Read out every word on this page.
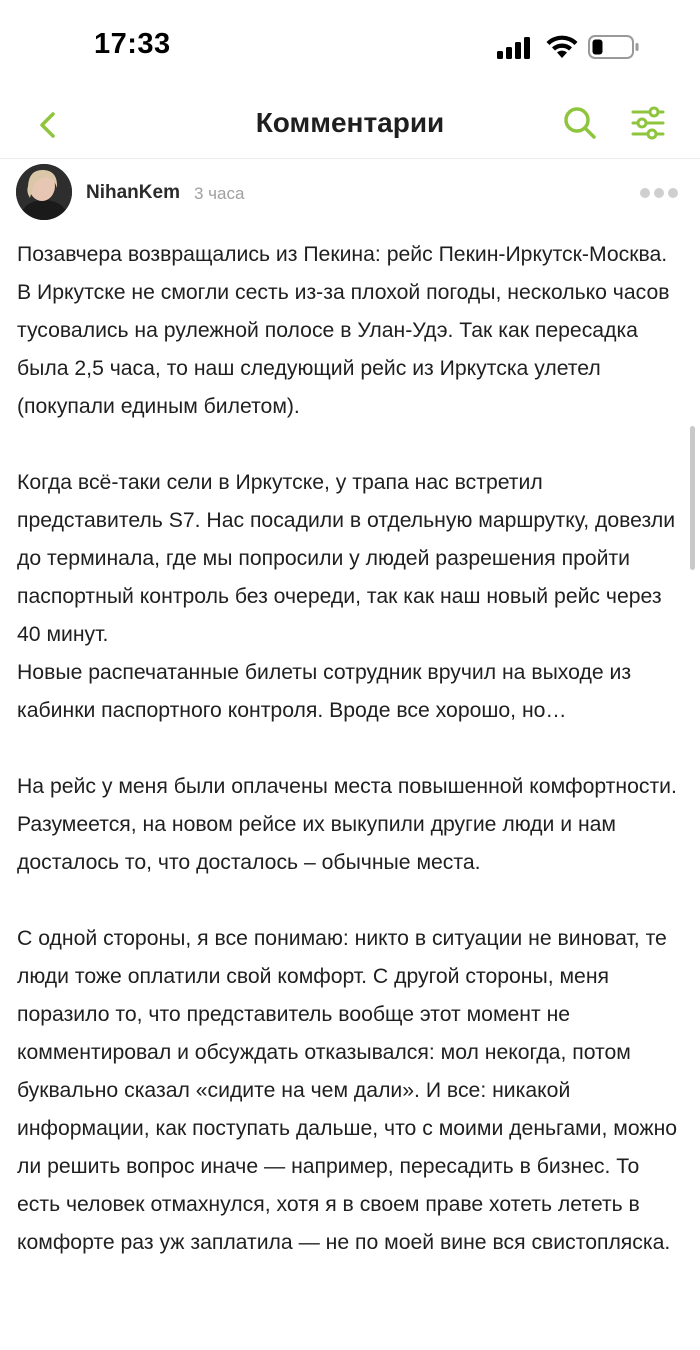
17:33
Комментарии
NihanKem 3 часа

Позавчера возвращались из Пекина: рейс Пекин-Иркутск-Москва. В Иркутске не смогли сесть из-за плохой погоды, несколько часов тусовались на рулежной полосе в Улан-Удэ. Так как пересадка была 2,5 часа, то наш следующий рейс из Иркутска улетел (покупали единым билетом).

Когда всё-таки сели в Иркутске, у трапа нас встретил представитель S7. Нас посадили в отдельную маршрутку, довезли до терминала, где мы попросили у людей разрешения пройти паспортный контроль без очереди, так как наш новый рейс через 40 минут.

Новые распечатанные билеты сотрудник вручил на выходе из кабинки паспортного контроля. Вроде все хорошо, но…

На рейс у меня были оплачены места повышенной комфортности. Разумеется, на новом рейсе их выкупили другие люди и нам досталось то, что досталось – обычные места.

С одной стороны, я все понимаю: никто в ситуации не виноват, те люди тоже оплатили свой комфорт. С другой стороны, меня поразило то, что представитель вообще этот момент не комментировал и обсуждать отказывался: мол некогда, потом буквально сказал «сидите на чем дали». И все: никакой информации, как поступать дальше, что с моими деньгами, можно ли решить вопрос иначе — например, пересадить в бизнес. То есть человек отмахнулся, хотя я в своем праве хотеть лететь в комфорте раз уж заплатила — не по моей вине вся свистопляска.
